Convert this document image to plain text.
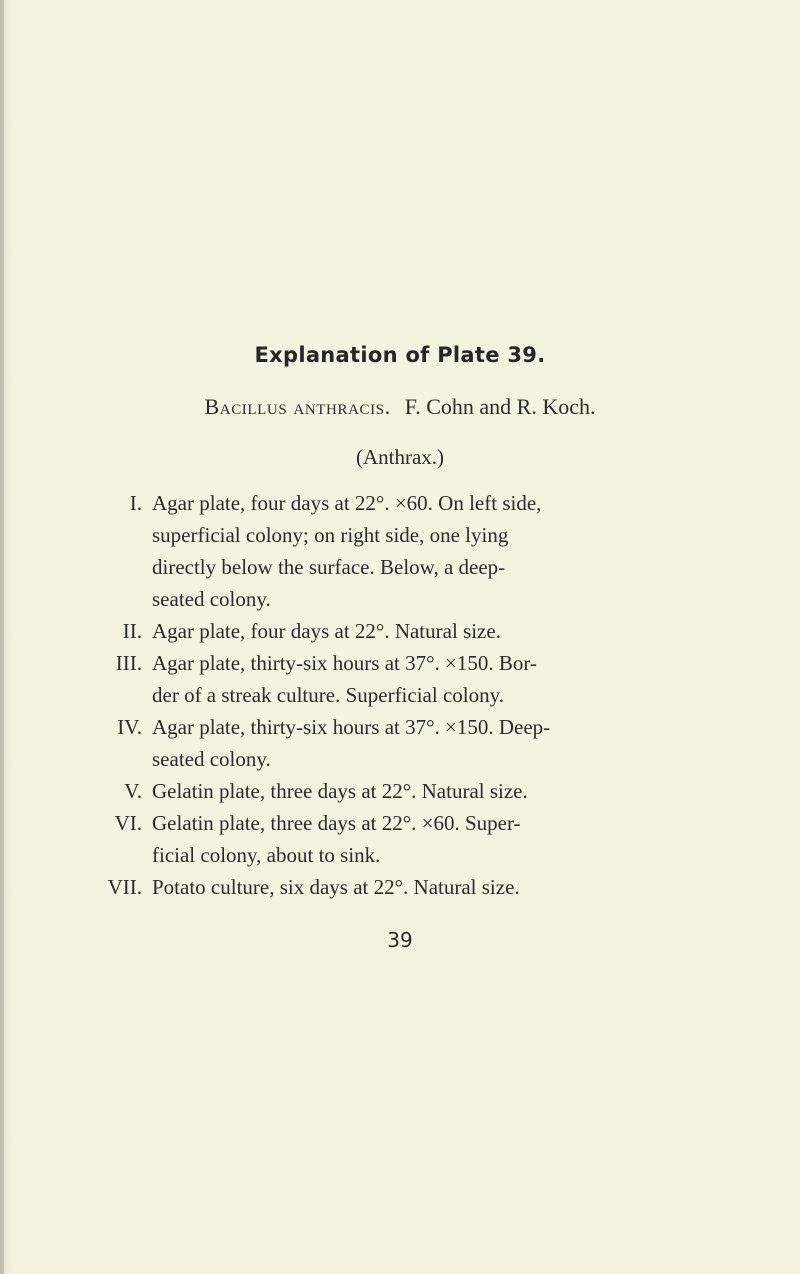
Explanation of Plate 39.
Bacillus anthracis. F. Cohn and R. Koch.
(Anthrax.)
I. Agar plate, four days at 22°. ×60. On left side,
superficial colony; on right side, one lying
directly below the surface. Below, a deep-
seated colony.
II. Agar plate, four days at 22°. Natural size.
III. Agar plate, thirty-six hours at 37°. ×150. Bor-
der of a streak culture. Superficial colony.
IV. Agar plate, thirty-six hours at 37°. ×150. Deep-
seated colony.
V. Gelatin plate, three days at 22°. Natural size.
VI. Gelatin plate, three days at 22°. ×60. Super-
ficial colony, about to sink.
VII. Potato culture, six days at 22°. Natural size.
39
